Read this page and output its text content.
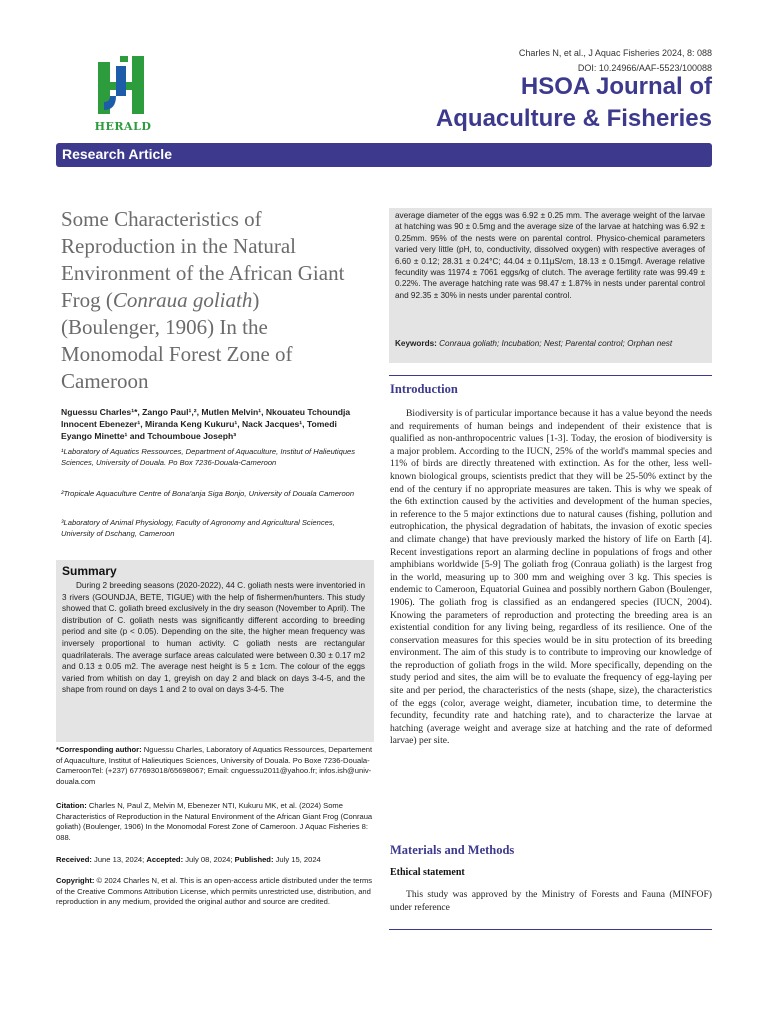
HERALD
Charles N, et al., J Aquac Fisheries 2024, 8: 088
DOI: 10.24966/AAF-5523/100088
HSOA Journal of
Aquaculture & Fisheries
Research Article
Some Characteristics of Reproduction in the Natural Environment of the African Giant Frog (Conraua goliath) (Boulenger, 1906) In the Monomodal Forest Zone of Cameroon
Nguessu Charles¹*, Zango Paul¹,², Mutlen Melvin¹, Nkouateu Tchoundja Innocent Ebenezer¹, Miranda Keng Kukuru¹, Nack Jacques¹, Tomedi Eyango Minette¹ and Tchoumboue Joseph³
¹Laboratory of Aquatics Ressources, Department of Aquaculture, Institut of Halieutiques Sciences, University of Douala. Po Box 7236-Douala-Cameroon
²Tropicale Aquaculture Centre of Bona'anja Siga Bonjo, University of Douala Cameroon
³Laboratory of Animal Physiology, Faculty of Agronomy and Agricultural Sciences, University of Dschang, Cameroon
Summary
During 2 breeding seasons (2020-2022), 44 C. goliath nests were inventoried in 3 rivers (GOUNDJA, BETE, TIGUE) with the help of fishermen/hunters. This study showed that C. goliath breed exclusively in the dry season (November to April). The distribution of C. goliath nests was significantly different according to breeding period and site (p < 0.05). Depending on the site, the higher mean frequency was inversely proportional to human activity. C goliath nests are rectangular quadrilaterals. The average surface areas calculated were between 0.30 ± 0.17 m2 and 0.13 ± 0.05 m2. The average nest height is 5 ± 1cm. The colour of the eggs varied from whitish on day 1, greyish on day 2 and black on days 3-4-5, and the shape from round on days 1 and 2 to oval on days 3-4-5. The
*Corresponding author: Nguessu Charles, Laboratory of Aquatics Ressources, Departement of Aquaculture, Institut of Halieutiques Sciences, University of Douala. Po Boxe 7236-Douala-CameroonTel: (+237) 677693018/65698067; Email: cnguessu2011@yahoo.fr; infos.ish@univ-douala.com
Citation: Charles N, Paul Z, Melvin M, Ebenezer NTI, Kukuru MK, et al. (2024) Some Characteristics of Reproduction in the Natural Environment of the African Giant Frog (Conraua goliath) (Boulenger, 1906) In the Monomodal Forest Zone of Cameroon. J Aquac Fisheries 8: 088.
Received: June 13, 2024; Accepted: July 08, 2024; Published: July 15, 2024
Copyright: © 2024 Charles N, et al. This is an open-access article distributed under the terms of the Creative Commons Attribution License, which permits unrestricted use, distribution, and reproduction in any medium, provided the original author and source are credited.
average diameter of the eggs was 6.92 ± 0.25 mm. The average weight of the larvae at hatching was 90 ± 0.5mg and the average size of the larvae at hatching was 6.92 ± 0.25mm. 95% of the nests were on parental control. Physico-chemical parameters varied very little (pH, to, conductivity, dissolved oxygen) with respective averages of 6.60 ± 0.12; 28.31 ± 0.24°C; 44.04 ± 0.11µS/cm, 18.13 ± 0.15mg/l. Average relative fecundity was 11974 ± 7061 eggs/kg of clutch. The average fertility rate was 99.49 ± 0.22%. The average hatching rate was 98.47 ± 1.87% in nests under parental control and 92.35 ± 30% in nests under parental control.
Keywords: Conraua goliath; Incubation; Nest; Parental control; Orphan nest
Introduction
Biodiversity is of particular importance because it has a value beyond the needs and requirements of human beings and independent of their existence that is qualified as non-anthropocentric values [1-3]. Today, the erosion of biodiversity is a major problem. According to the IUCN, 25% of the world's mammal species and 11% of birds are directly threatened with extinction. As for the other, less well-known biological groups, scientists predict that they will be 25-50% extinct by the end of the century if no appropriate measures are taken. This is why we speak of the 6th extinction caused by the activities and development of the human species, in reference to the 5 major extinctions due to natural causes (fishing, pollution and eutrophication, the physical degradation of habitats, the invasion of exotic species and climate change) that have previously marked the history of life on Earth [4]. Recent investigations report an alarming decline in populations of frogs and other amphibians worldwide [5-9] The goliath frog (Conraua goliath) is the largest frog in the world, measuring up to 300 mm and weighing over 3 kg. This species is endemic to Cameroon, Equatorial Guinea and possibly northern Gabon (Boulenger, 1906). The goliath frog is classified as an endangered species (IUCN, 2004). Knowing the parameters of reproduction and protecting the breeding area is an existential condition for any living being, regardless of its resilience. One of the conservation measures for this species would be in situ protection of its breeding environment. The aim of this study is to contribute to improving our knowledge of the reproduction of goliath frogs in the wild. More specifically, depending on the study period and sites, the aim will be to evaluate the frequency of egg-laying per site and per period, the characteristics of the nests (shape, size), the characteristics of the eggs (color, average weight, diameter, incubation time, to determine the fecundity, fecundity rate and hatching rate), and to characterize the larvae at hatching (average weight and average size at hatching and the rate of deformed larvae) per site.
Materials and Methods
Ethical statement
This study was approved by the Ministry of Forests and Fauna (MINFOF) under reference
